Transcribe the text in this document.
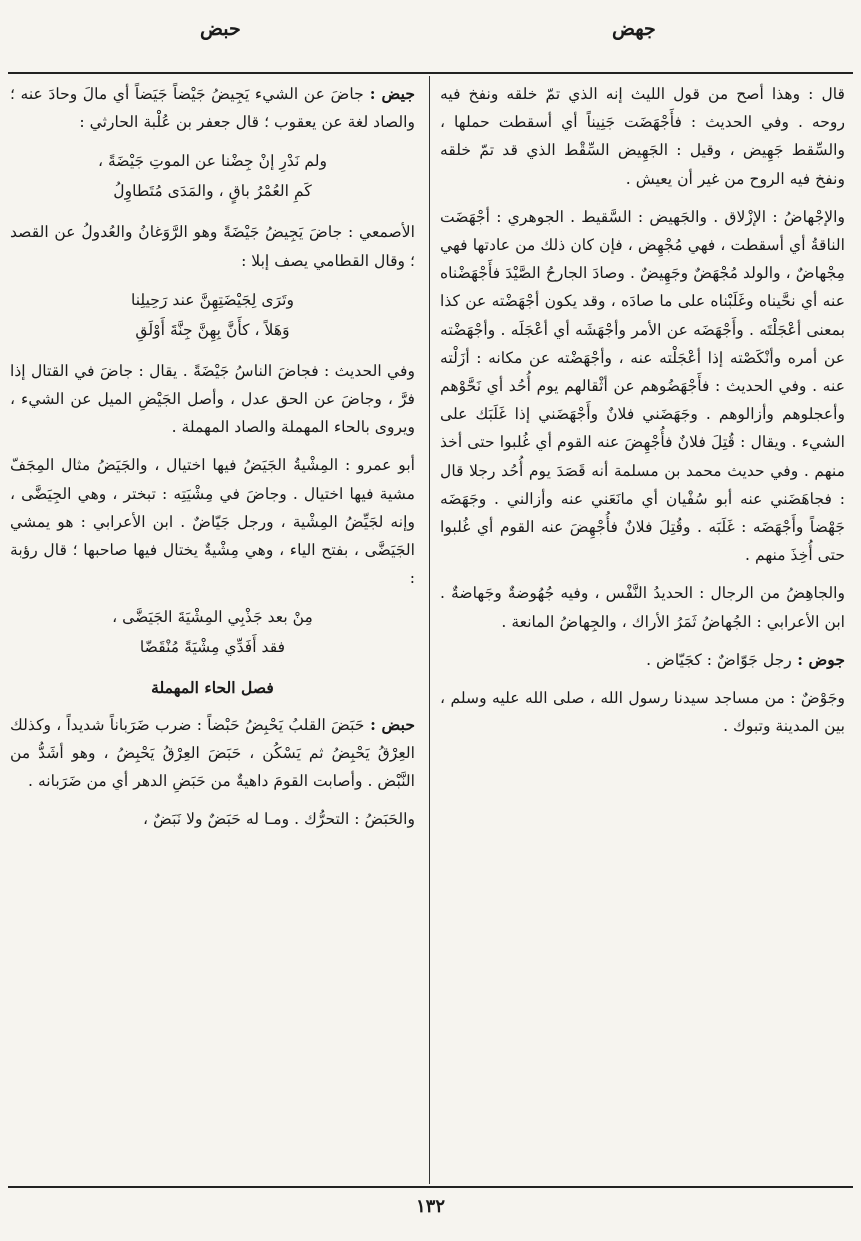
جهض
حبض
قال : وهذا أصح من قول الليث إنه الذي تمّ خلقه ونفخ فيه روحه . وفي الحديث : فأَجْهَضَت جَنِيناً أي أسقطت حملها ، والسِّقط جَهِيض ، وقيل : الجَهِيض السِّقْط الذي قد تمّ خلقه ونفخ فيه الروح من غير أن يعيش .
والإجْهاضُ : الإزْلاق . والجَهيض : السَّقيط . الجوهري : أجْهَضَت الناقةُ أي أسقطت ، فهي مُجْهِض ، فإن كان ذلك من عادتها فهي مِجْهاضٌ ، والولد مُجْهَضٌ وجَهِيضٌ . وصادَ الجارحُ الصَّيْدَ فأَجْهَضْناه عنه أي نحَّيناه وغَلَبْناه على ما صادَه ، وقد يكون أجْهَضْته عن كذا بمعنى أعْجَلْتَه . وأَجْهَضَه عن الأمر وأجْهَشَه أي أعْجَلَه . وأجْهَضْته عن أمره وأنْكَصْته إذا أعْجَلْته عنه ، وأجْهَضْته عن مكانه : أزَلْته عنه . وفي الحديث : فأَجْهَضُوهم عن أثْقالهم يوم أُحُد أي نَحَّوْهم وأعجلوهم وأزالوهم . وجَهَضَني فلانٌ وأَجْهَضَني إذا غَلَبَك على الشيء . ويقال : قُتِلَ فلانٌ فأُجْهِضَ عنه القوم أي غُلبوا حتى أخذ منهم . وفي حديث محمد بن مسلمة أنه قَصَدَ يوم أُحُد رجلا قال : فجاهَضَني عنه أبو سُفْيان أي مانَعَني عنه وأزالني . وجَهَضَه جَهْضاً وأَجْهَضَه : غَلَبَه . وقُتِلَ فلانٌ فأُجْهِضَ عنه القوم أي غُلبوا حتى أُخِذَ منهم .
والجاهِضُ من الرجال : الحديدُ النَّفْس ، وفيه جُهُوضةٌ وجَهاضةٌ . ابن الأعرابي : الجُهاضُ ثَمَرُ الأراك ، والجِهاضُ المانعة .
جوض : رجل جَوّاضٌ : كجَيّاض .
وجَوْضٌ : من مساجد سيدنا رسول الله ، صلى الله عليه وسلم ، بين المدينة وتبوك .
جيض : جاضَ عن الشيء يَجِيضُ جَيْضاً جَيَضاً أي مالَ وحادَ عنه ؛ والصاد لغة عن يعقوب ؛ قال جعفر بن عُلْبة الحارثي :
ولم نَدْرِ إنْ جِضْنا عن الموتِ جَيْضَةً ،
كَمِ العُمْرُ باقٍ ، والمَدَى مُتَطاوِلُ
الأصمعي : جاضَ يَجِيضُ جَيْضَةً وهو الرَّوَغانُ والعُدولُ عن القصد ؛ وقال القطامي يصف إبلا :
وتَرَى لِجَيْضَتِهِنَّ عند رَحِيلِنا
وَهَلاً ، كأَنَّ بِهِنَّ جِنَّةَ أَوْلَقِ
وفي الحديث : فجاضَ الناسُ جَيْضَةً . يقال : جاضَ في القتال إذا فرَّ ، وجاضَ عن الحق عدل ، وأصل الجَيْضِ الميل عن الشيء ، ويروى بالحاء المهملة والصاد المهملة .
أبو عمرو : المِشْيةُ الجَيَضُ فيها اختيال ، والجَيَضُ مثال المِجَفّ مشية فيها اختيال . وجاضَ في مِشْيَتِه : تبختر ، وهي الجِيَضَّى ، وإنه لجَيِّضُ المِشْية ، ورجل جَيّاضٌ . ابن الأعرابي : هو يمشي الجَيَضَّى ، بفتح الياء ، وهي مِشْيةٌ يختال فيها صاحبها ؛ قال رؤبة :
مِنْ بعد جَذْبِي المِشْيَةَ الجَيَضَّى ،
فقد أَفَدِّي مِشْيَةً مُنْقَضّا
فصل الحاء المهملة
حبض : حَبَضَ القلبُ يَحْبِضُ حَبْضاً : ضرب ضَرَباناً شديداً ، وكذلك العِرْقُ يَحْبِضُ ثم يَسْكُن ، حَبَضَ العِرْقُ يَحْبِضُ ، وهو أشَدُّ من النَّبْض . وأصابت القومَ داهيةٌ من حَبَضِ الدهر أي من ضَرَبانه .
والحَبَضُ : التحرُّك . ومـا له حَبَضٌ ولا نَبَضٌ ،
١٣٢
